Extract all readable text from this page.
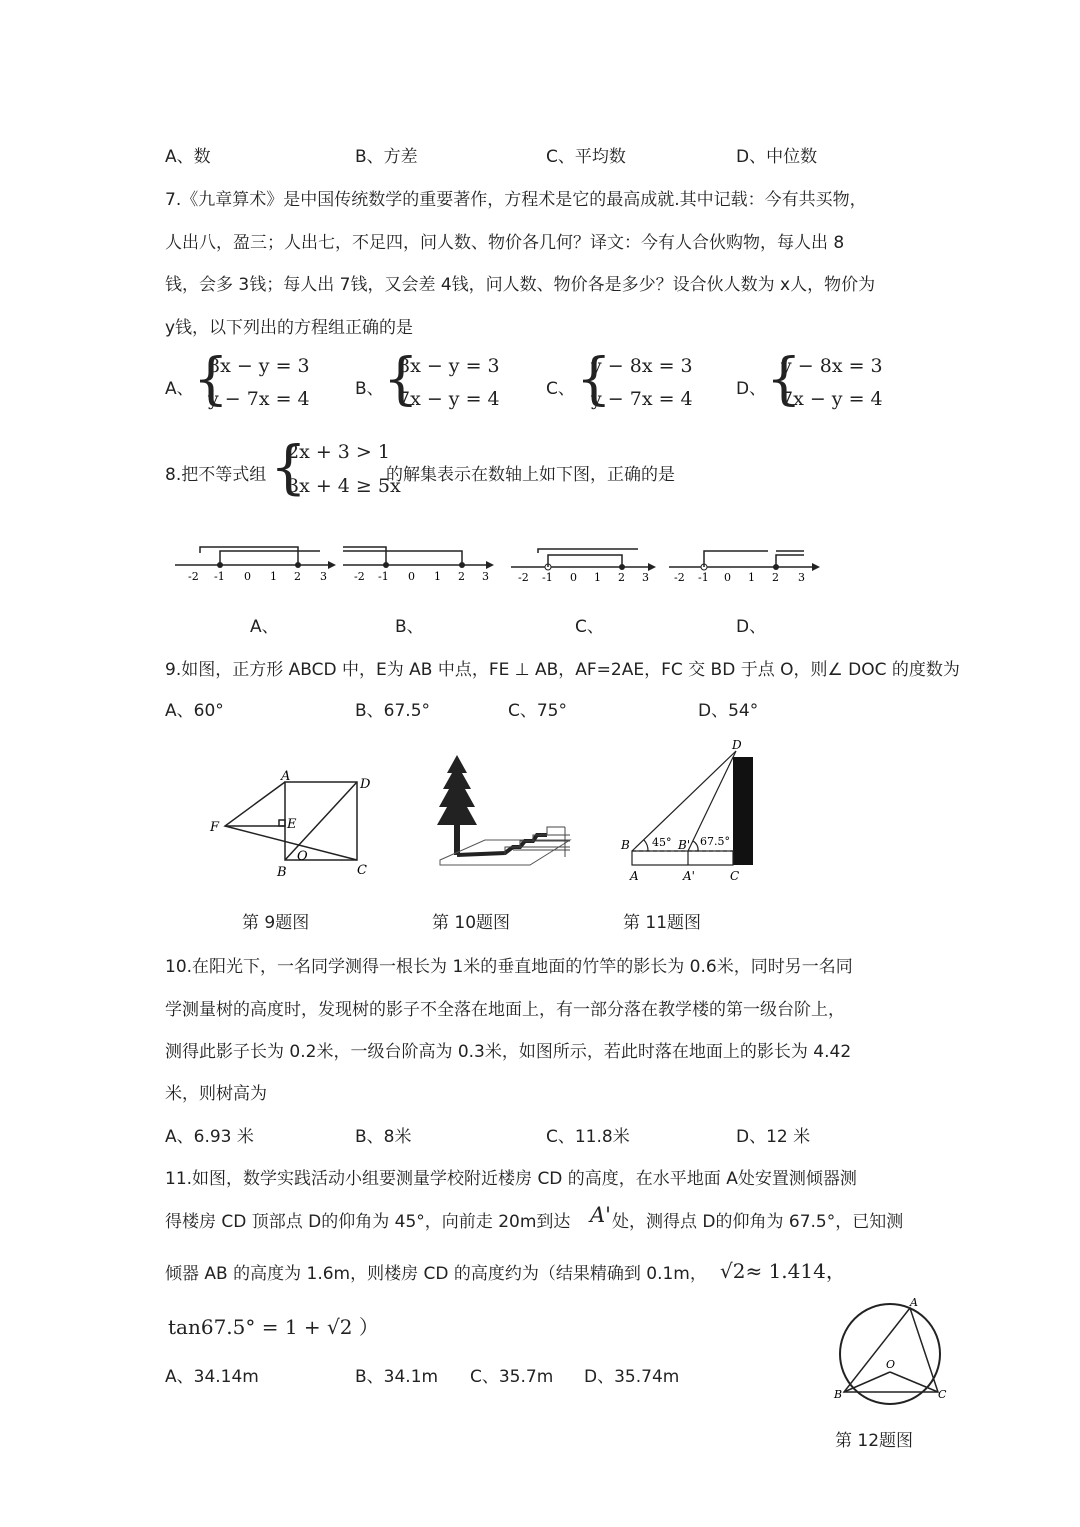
A、数	B、方差	C、平均数	D、中位数
7.《九章算术》是中国传统数学的重要著作，方程术是它的最高成就.其中记载：今有共买物，
人出八，盈三；人出七，不足四，问人数、物价各几何？译文：今有人合伙购物，每人出 8
钱，会多 3钱；每人出 7钱，又会差 4钱，问人数、物价各是多少？设合伙人数为 x人，物价为
y钱，以下列出的方程组正确的是
A、 {
8x − y = 3
y − 7x = 4	B、 {
8x − y = 3
7x − y = 4	C、 {
y − 8x = 3
y − 7x = 4	D、 {
y − 8x = 3
7x − y = 4
8.把不等式组 {
2x + 3 > 1
3x + 4 ≥ 5x
的解集表示在数轴上如下图，正确的是
-2 -1 0 1 2 3 -2 -1 0 1 2 3	-2 -1 0 1 2 3 -2 -1 0 1 2 3
A、	B、	C、	D、
9.如图，正方形 ABCD 中，E为 AB 中点，FE ⊥ AB，AF=2AE，FC 交 BD 于点 O，则∠ DOC 的度数为
A、60°	B、67.5°	C、75°	D、54°
A
D
F	E
O
B	C
D
B 45° B' 67.5°
A	A'	C
第 9题图	第 10题图	第 11题图
10.在阳光下，一名同学测得一根长为 1米的垂直地面的竹竿的影长为 0.6米，同时另一名同
学测量树的高度时，发现树的影子不全落在地面上，有一部分落在教学楼的第一级台阶上，
测得此影子长为 0.2米，一级台阶高为 0.3米，如图所示，若此时落在地面上的影长为 4.42
米，则树高为
A、6.93 米	B、8米	C、11.8米	D、12 米
11.如图，数学实践活动小组要测量学校附近楼房 CD 的高度，在水平地面 A处安置测倾器测
得楼房 CD 顶部点 D的仰角为 45°，向前走 20m到达 A' 处，测得点 D的仰角为 67.5°，已知测
倾器 AB 的高度为 1.6m，则楼房 CD 的高度约为（结果精确到 0.1m， √2≈ 1.414，
tan67.5° = 1 + √2 ）
A、34.14m	B、34.1m C、35.7m D、35.74m
A
O
B	C
第 12题图
